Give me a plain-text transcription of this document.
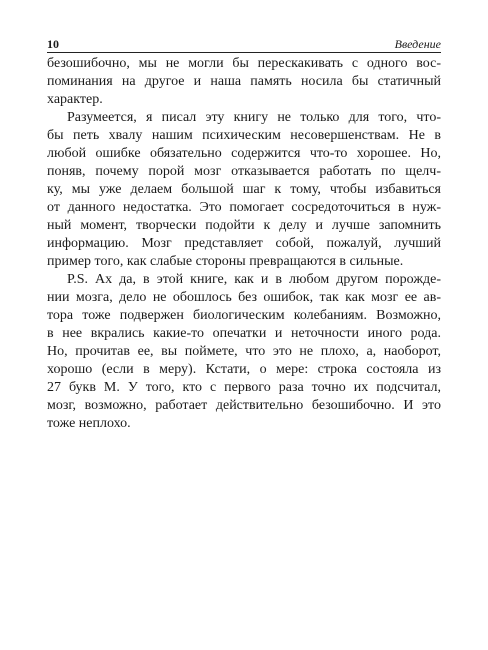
10	Введение

безошибочно, мы не могли бы перескакивать с одного вос-
поминания на другое и наша память носила бы статичный
характер.

Разумеется, я писал эту книгу не только для того, что-
бы петь хвалу нашим психическим несовершенствам. Не в
любой ошибке обязательно содержится что-то хорошее. Но,
поняв, почему порой мозг отказывается работать по щелч-
ку, мы уже делаем большой шаг к тому, чтобы избавиться
от данного недостатка. Это помогает сосредоточиться в нуж-
ный момент, творчески подойти к делу и лучше запомнить
информацию. Мозг представляет собой, пожалуй, лучший
пример того, как слабые стороны превращаются в сильные.

P.S. Ах да, в этой книге, как и в любом другом порожде-
нии мозга, дело не обошлось без ошибок, так как мозг ее ав-
тора тоже подвержен биологическим колебаниям. Возможно,
в нее вкрались какие-то опечатки и неточности иного рода.
Но, прочитав ее, вы поймете, что это не плохо, а, наоборот,
хорошо (если в меру). Кстати, о мере: строка состояла из
27 букв М. У того, кто с первого раза точно их подсчитал,
мозг, возможно, работает действительно безошибочно. И это
тоже неплохо.
